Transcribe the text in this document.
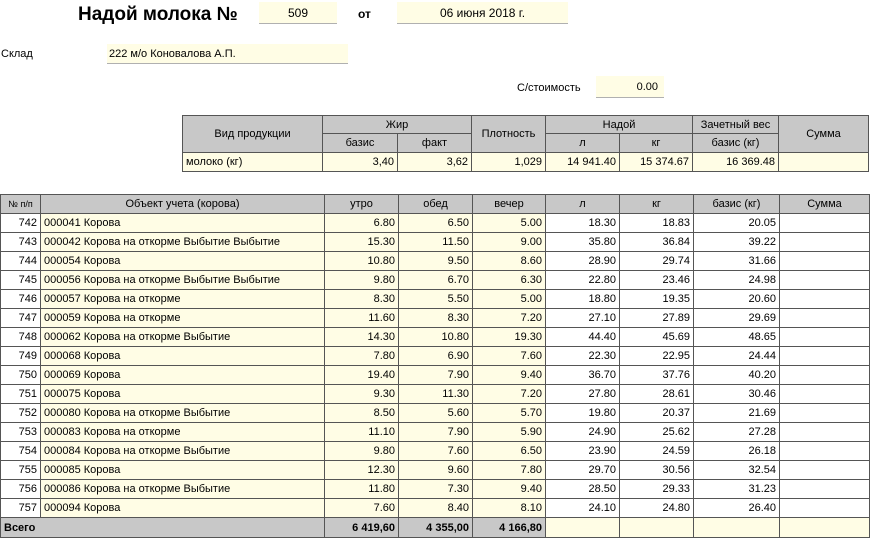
Надой молока №	509	от	06 июня 2018 г.
Склад	222 м/о Коновалова А.П.
С/стоимость	0.00
Вид продукции	Жир		Плотность	Надой		Зачетный вес	Сумма
	базис	факт		л	кг	базис (кг)	
молоко (кг)	3,40	3,62	1,029	14 941.40	15 374.67	16 369.48	
№ п/п	Объект учета (корова)	утро	обед	вечер	л	кг	базис (кг)	Сумма
742	000041 Корова	6.80	6.50	5.00	18.30	18.83	20.05	
743	000042 Корова на откорме Выбытие Выбытие	15.30	11.50	9.00	35.80	36.84	39.22	
744	000054 Корова	10.80	9.50	8.60	28.90	29.74	31.66	
745	000056 Корова на откорме Выбытие Выбытие	9.80	6.70	6.30	22.80	23.46	24.98	
746	000057 Корова на откорме	8.30	5.50	5.00	18.80	19.35	20.60	
747	000059 Корова на откорме	11.60	8.30	7.20	27.10	27.89	29.69	
748	000062 Корова на откорме Выбытие	14.30	10.80	19.30	44.40	45.69	48.65	
749	000068 Корова	7.80	6.90	7.60	22.30	22.95	24.44	
750	000069 Корова	19.40	7.90	9.40	36.70	37.76	40.20	
751	000075 Корова	9.30	11.30	7.20	27.80	28.61	30.46	
752	000080 Корова на откорме Выбытие	8.50	5.60	5.70	19.80	20.37	21.69	
753	000083 Корова на откорме	11.10	7.90	5.90	24.90	25.62	27.28	
754	000084 Корова на откорме Выбытие	9.80	7.60	6.50	23.90	24.59	26.18	
755	000085 Корова	12.30	9.60	7.80	29.70	30.56	32.54	
756	000086 Корова на откорме Выбытие	11.80	7.30	9.40	28.50	29.33	31.23	
757	000094 Корова	7.60	8.40	8.10	24.10	24.80	26.40	
Всего		6 419,60	4 355,00	4 166,80				
